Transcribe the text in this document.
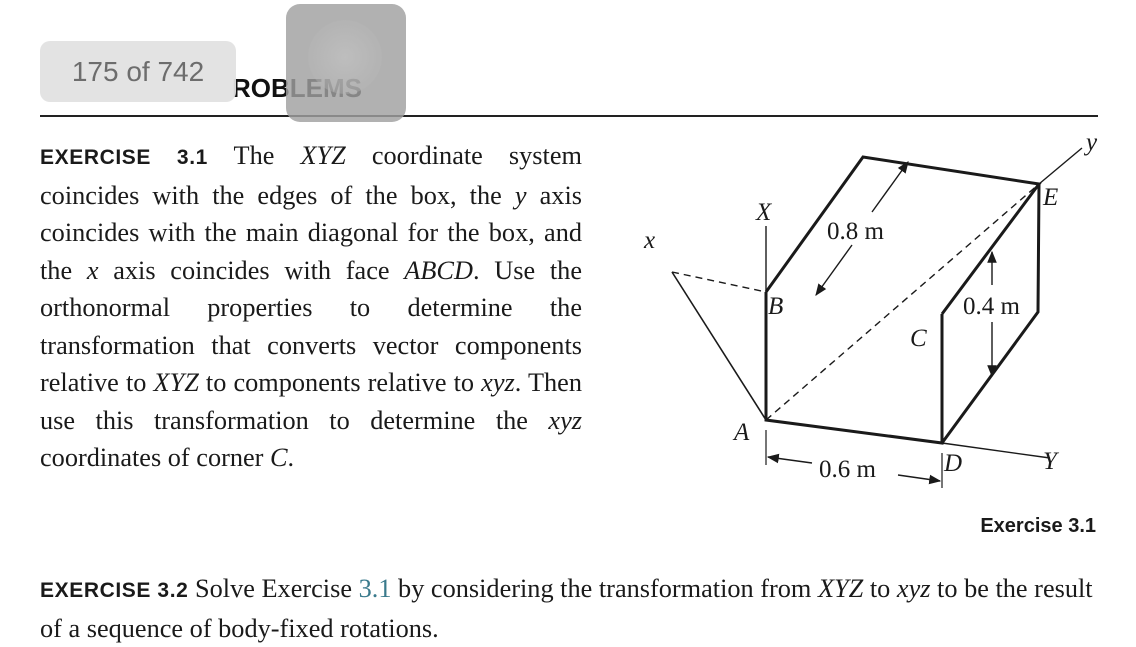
175 of 742
EXERCISE 3.1 The XYZ coordinate system coincides with the edges of the box, the y axis coincides with the main diagonal for the box, and the x axis coincides with face ABCD. Use the orthonormal properties to determine the transformation that converts vector components relative to XYZ to components relative to xyz. Then use this transformation to determine the xyz coordinates of corner C.
X
x
y
Y
A
B
C
D
E
0.8 m
0.4 m
0.6 m
Exercise 3.1
EXERCISE 3.2 Solve Exercise 3.1 by considering the transformation from XYZ to xyz to be the result of a sequence of body-fixed rotations.
